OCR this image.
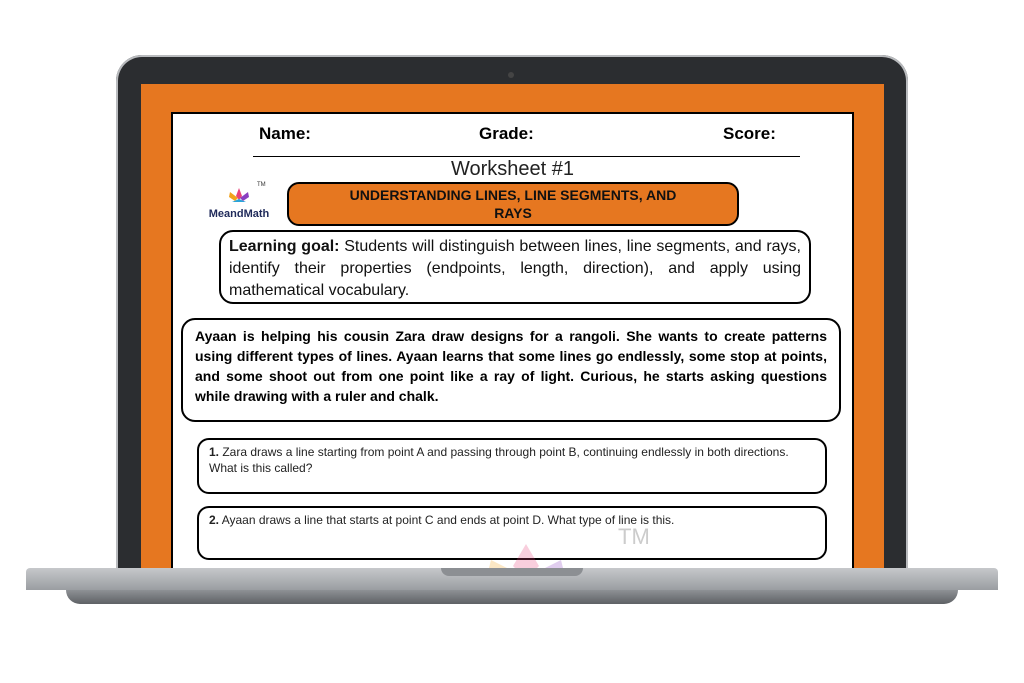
Name:	Grade:	Score:
Worksheet #1
TM
MeandMath
UNDERSTANDING LINES, LINE SEGMENTS, AND RAYS
Learning goal: Students will distinguish between lines, line segments, and rays, identify their properties (endpoints, length, direction), and apply using mathematical vocabulary.
Ayaan is helping his cousin Zara draw designs for a rangoli. She wants to create patterns using different types of lines. Ayaan learns that some lines go endlessly, some stop at points, and some shoot out from one point like a ray of light. Curious, he starts asking questions while drawing with a ruler and chalk.
1. Zara draws a line starting from point A and passing through point B, continuing endlessly in both directions. What is this called?
2. Ayaan draws a line that starts at point C and ends at point D. What type of line is this.
TM
